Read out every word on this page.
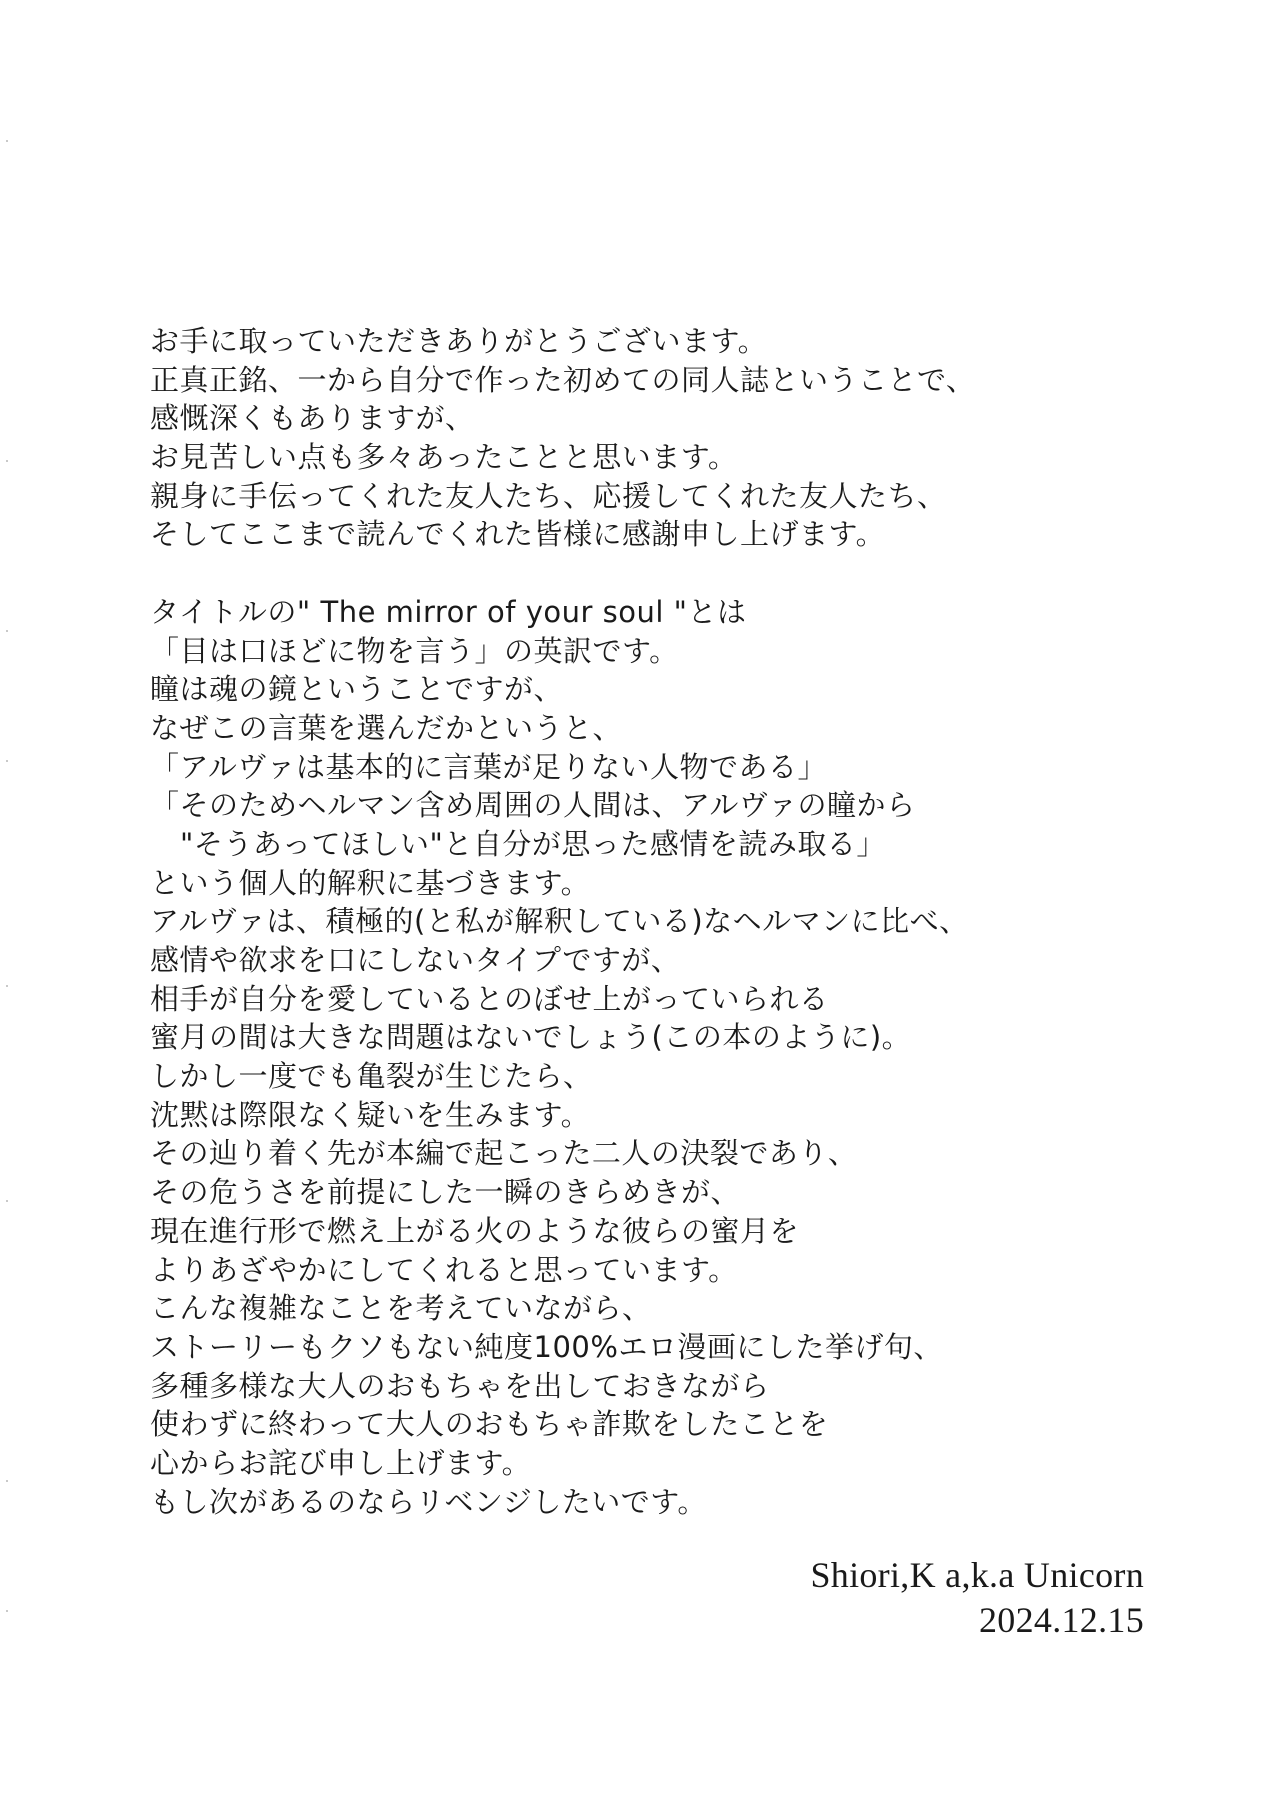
お手に取っていただきありがとうございます。
正真正銘、一から自分で作った初めての同人誌ということで、
感慨深くもありますが、
お見苦しい点も多々あったことと思います。
親身に手伝ってくれた友人たち、応援してくれた友人たち、
そしてここまで読んでくれた皆様に感謝申し上げます。
タイトルの" The mirror of your soul "とは
「目は口ほどに物を言う」の英訳です。
瞳は魂の鏡ということですが、
なぜこの言葉を選んだかというと、
「アルヴァは基本的に言葉が足りない人物である」
「そのためヘルマン含め周囲の人間は、アルヴァの瞳から
"そうあってほしい"と自分が思った感情を読み取る」
という個人的解釈に基づきます。
アルヴァは、積極的(と私が解釈している)なヘルマンに比べ、
感情や欲求を口にしないタイプですが、
相手が自分を愛しているとのぼせ上がっていられる
蜜月の間は大きな問題はないでしょう(この本のように)。
しかし一度でも亀裂が生じたら、
沈黙は際限なく疑いを生みます。
その辿り着く先が本編で起こった二人の決裂であり、
その危うさを前提にした一瞬のきらめきが、
現在進行形で燃え上がる火のような彼らの蜜月を
よりあざやかにしてくれると思っています。
こんな複雑なことを考えていながら、
ストーリーもクソもない純度100%エロ漫画にした挙げ句、
多種多様な大人のおもちゃを出しておきながら
使わずに終わって大人のおもちゃ詐欺をしたことを
心からお詫び申し上げます。
もし次があるのならリベンジしたいです。
Shiori,K a,k.a Unicorn
2024.12.15
